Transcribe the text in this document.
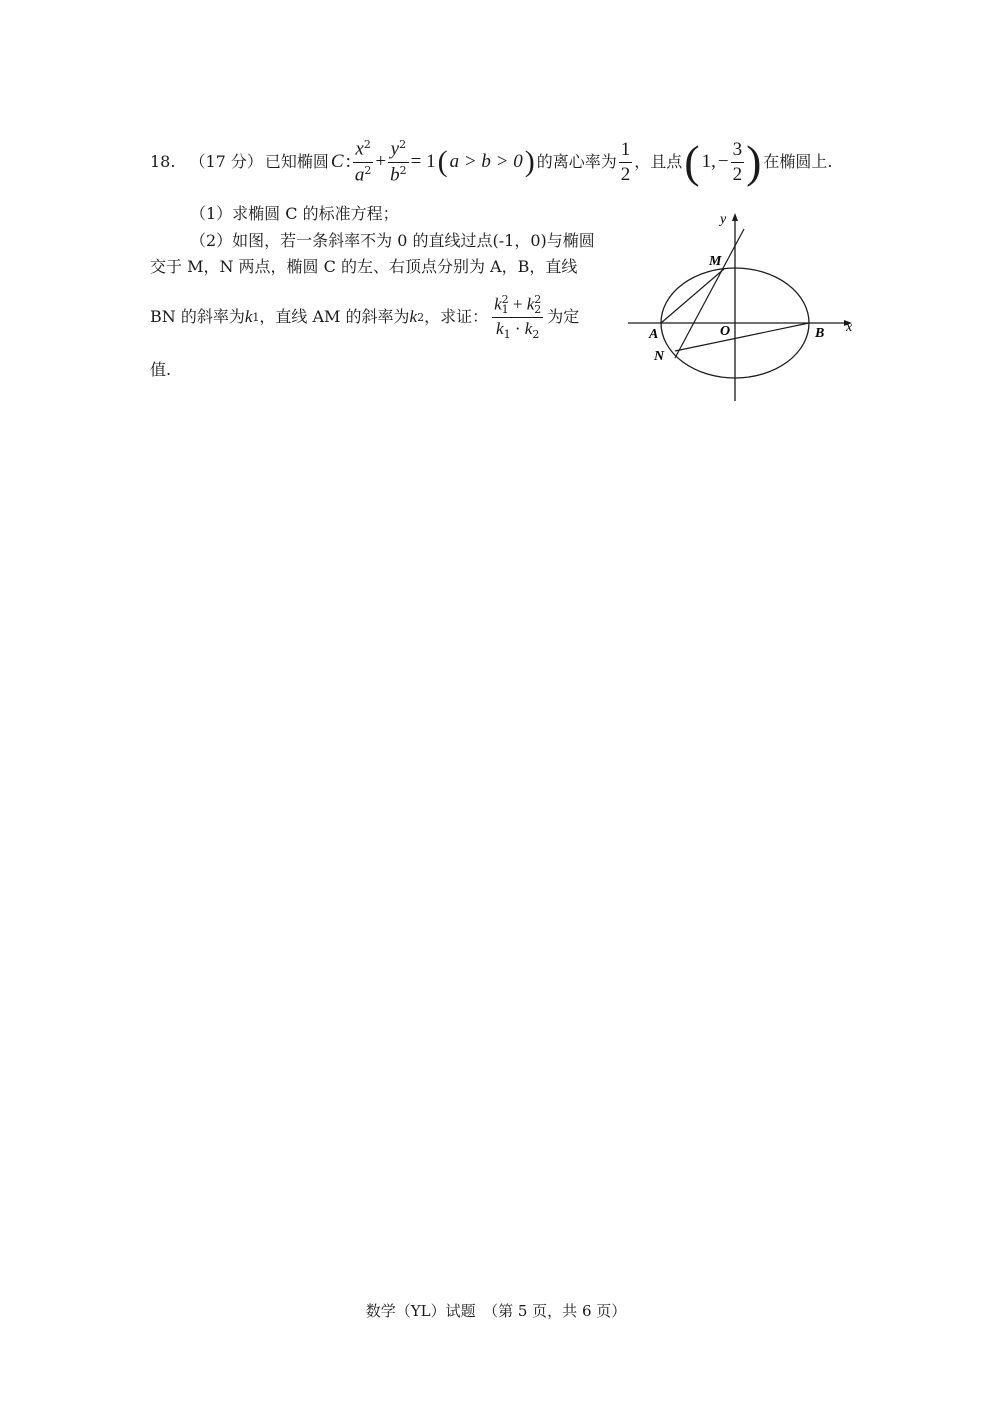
18. （17 分） 已知椭圆 C : $\frac{x^2}{a^2} + \frac{y^2}{b^2} = 1$ ( a > b > 0 ) 的离心率为 $\frac{1}{2}$ ，且点 ( 1, − $\frac{3}{2}$ ) 在椭圆上.
（1）求椭圆 C 的标准方程；
（2）如图，若一条斜率不为 0 的直线过点(-1，0)与椭圆
交于 M，N 两点，椭圆 C 的左、右顶点分别为 A，B，直线
BN 的斜率为 k 1 ，直线 AM 的斜率为 k 2 ，求证： $\frac{k^2_1 + k^2_2}{k_1 \cdot k_2}$ 为定
值.
y
x
M
A	O	B
N
数学（YL）试题　（第 5 页，共 6 页）
